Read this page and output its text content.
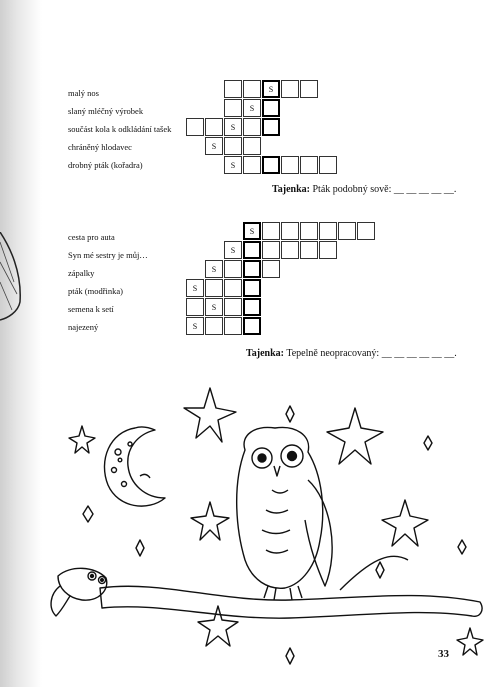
malý nos
slaný mléčný výrobek
součást kola k odkládání tašek
chráněný hlodavec
drobný pták (kořadra)
S
S
S
S
S
Tajenka: Pták podobný sově: __ __ __ __ __.
cesta pro auta
Syn mé sestry je můj…
zápalky
pták (modřinka)
semena k setí
najezený
S
S
S
S
S
S
Tajenka: Tepelně neopracovaný: __ __ __ __ __ __.
33
